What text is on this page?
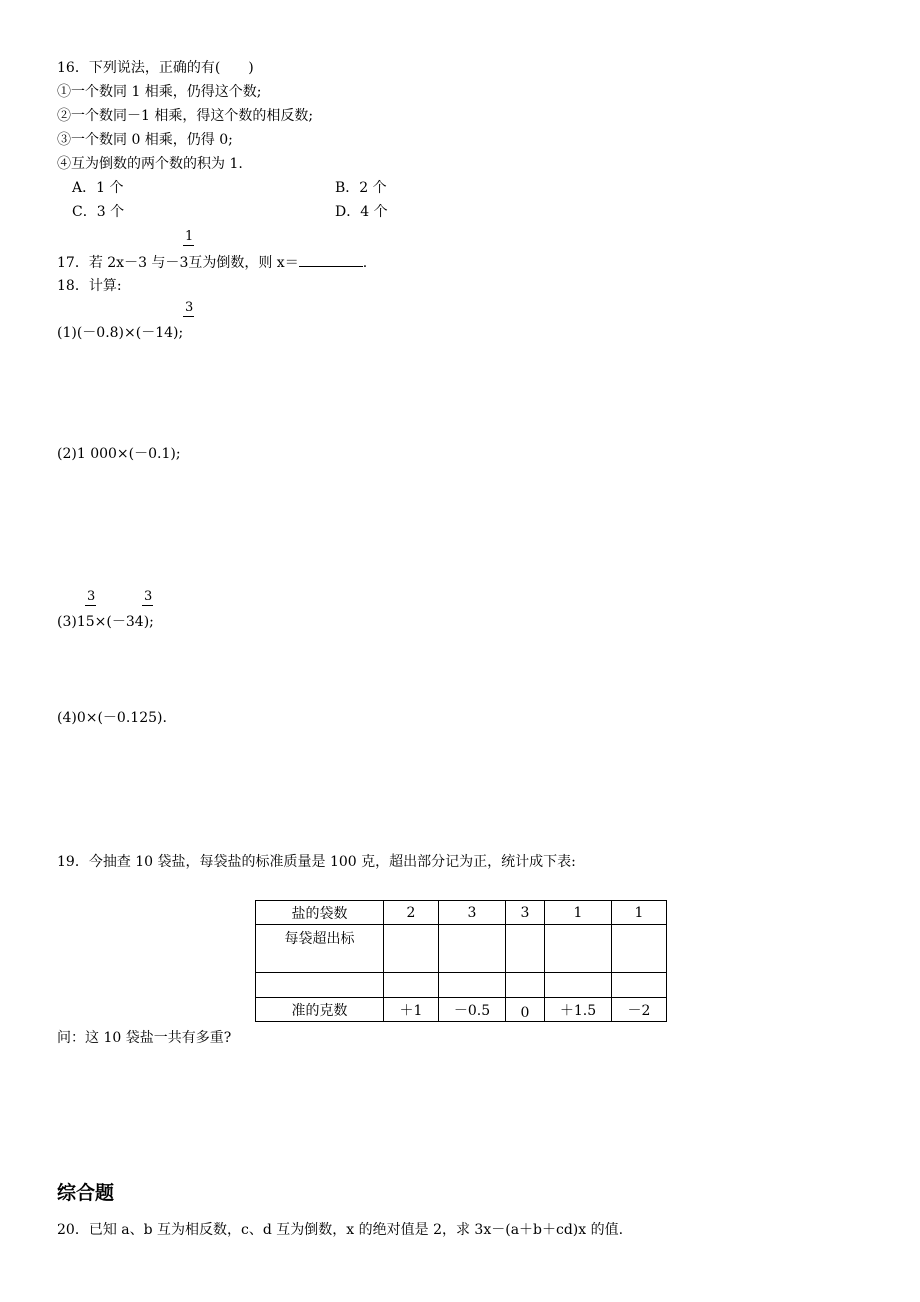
16．下列说法，正确的有(　　)
①一个数同 1 相乘，仍得这个数;
②一个数同－1 相乘，得这个数的相反数;
③一个数同 0 相乘，仍得 0;
④互为倒数的两个数的积为 1.
A．1 个	B．2 个
C．3 个	D．4 个
1
17．若 2x－3 与－3互为倒数，则 x＝	.
18．计算:
3
(1)(－0.8)×(－14);
(2)1 000×(－0.1);
3	3
(3)15×(－34);
(4)0×(－0.125).
19．今抽查 10 袋盐，每袋盐的标准质量是 100 克，超出部分记为正，统计成下表:
盐的袋数	2	3	3	1	1
每袋超出标					

准的克数	＋1	－0.5	0	＋1.5	－2
问：这 10 袋盐一共有多重?
综合题
20．已知 a、b 互为相反数，c、d 互为倒数，x 的绝对值是 2，求 3x－(a＋b＋cd)x 的值.
